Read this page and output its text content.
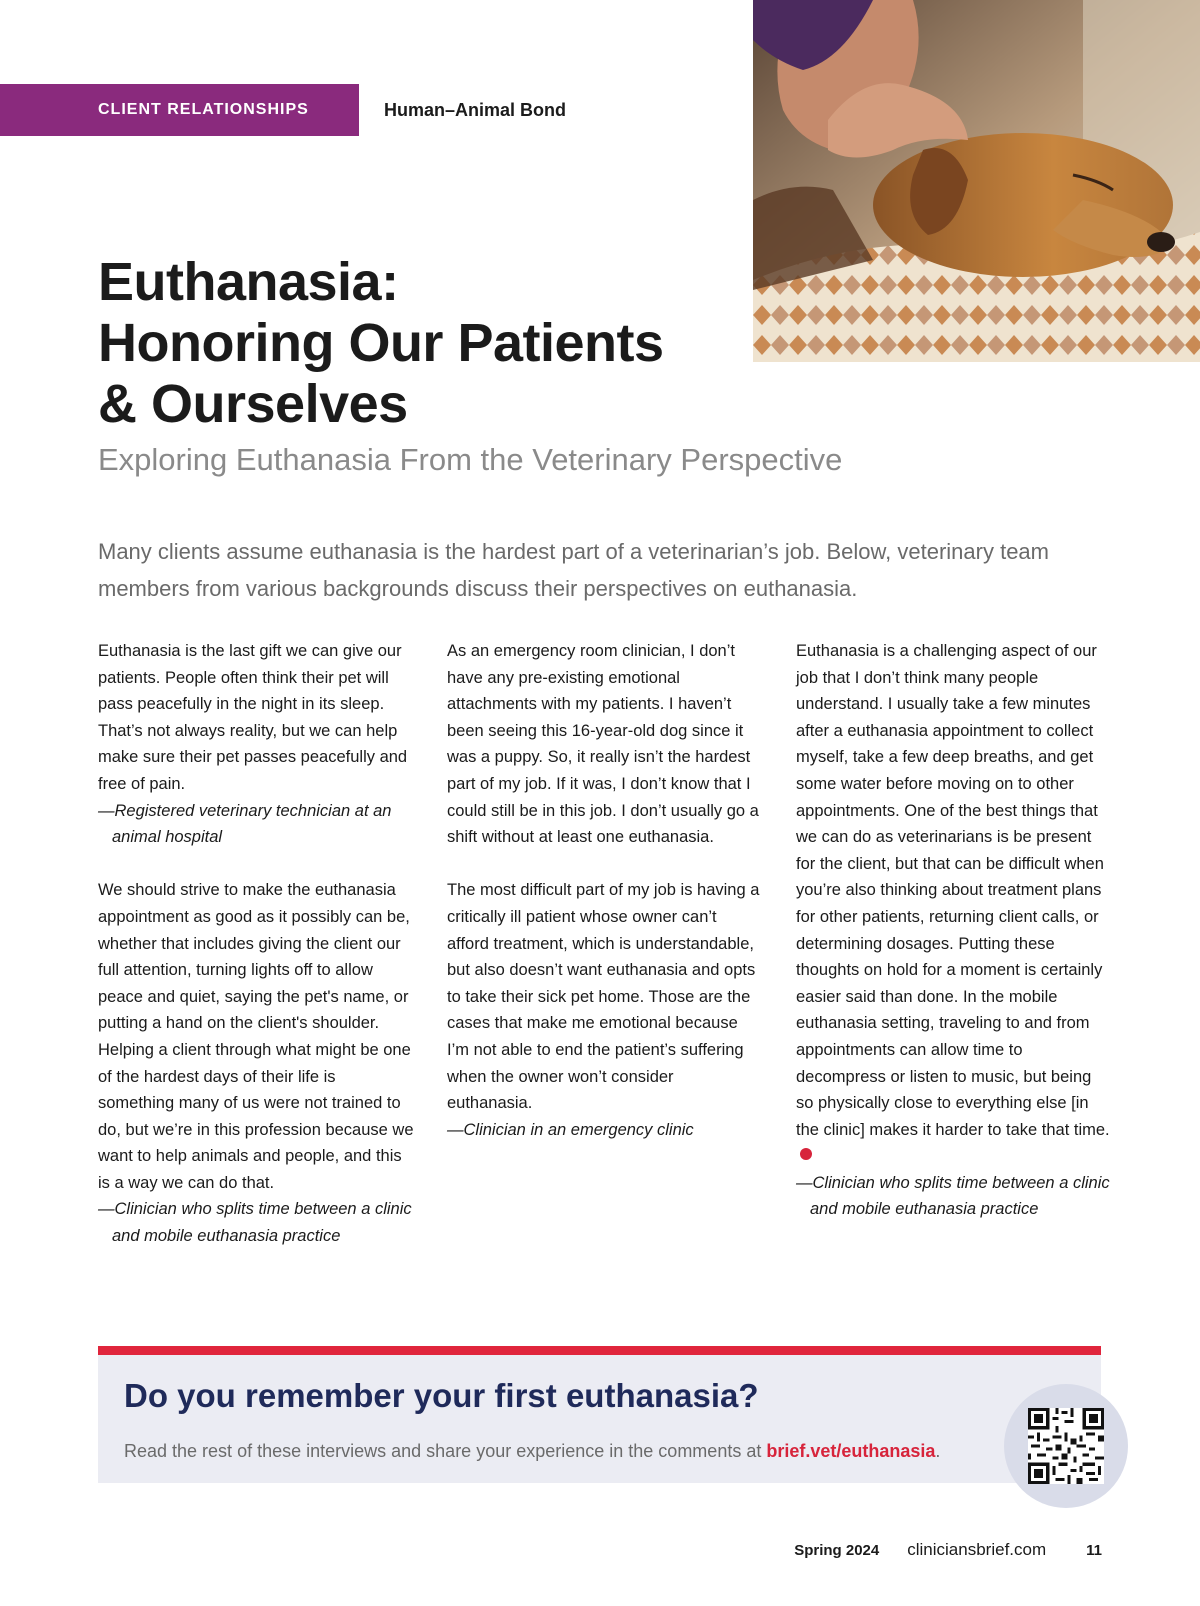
CLIENT RELATIONSHIPS	Human–Animal Bond
Euthanasia:
Honoring Our Patients
& Ourselves
Exploring Euthanasia From the Veterinary Perspective

Many clients assume euthanasia is the hardest part of a veterinarian’s job. Below, veterinary team members from various backgrounds discuss their perspectives on euthanasia.

Euthanasia is the last gift we can give our patients. People often think their pet will pass peacefully in the night in its sleep. That’s not always reality, but we can help make sure their pet passes peacefully and free of pain.

—Registered veterinary technician at an animal hospital

We should strive to make the euthanasia appointment as good as it possibly can be, whether that includes giving the client our full attention, turning lights off to allow peace and quiet, saying the pet's name, or putting a hand on the client's shoulder. Helping a client through what might be one of the hardest days of their life is something many of us were not trained to do, but we’re in this profession because we want to help animals and people, and this is a way we can do that.

—Clinician who splits time between a clinic and mobile euthanasia practice

As an emergency room clinician, I don’t have any pre-existing emotional attachments with my patients. I haven’t been seeing this 16-year-old dog since it was a puppy. So, it really isn’t the hardest part of my job. If it was, I don’t know that I could still be in this job. I don’t usually go a shift without at least one euthanasia.

The most difficult part of my job is having a critically ill patient whose owner can’t afford treatment, which is understandable, but also doesn’t want euthanasia and opts to take their sick pet home. Those are the cases that make me emotional because I’m not able to end the patient’s suffering when the owner won’t consider euthanasia.

—Clinician in an emergency clinic

Euthanasia is a challenging aspect of our job that I don’t think many people understand. I usually take a few minutes after a euthanasia appointment to collect myself, take a few deep breaths, and get some water before moving on to other appointments. One of the best things that we can do as veterinarians is be present for the client, but that can be difficult when you’re also thinking about treatment plans for other patients, returning client calls, or determining dosages. Putting these thoughts on hold for a moment is certainly easier said than done. In the mobile euthanasia setting, traveling to and from appointments can allow time to decompress or listen to music, but being so physically close to everything else [in the clinic] makes it harder to take that time.

—Clinician who splits time between a clinic and mobile euthanasia practice

Do you remember your first euthanasia?
Read the rest of these interviews and share your experience in the comments at brief.vet/euthanasia.
Spring 2024 cliniciansbrief.com	11
